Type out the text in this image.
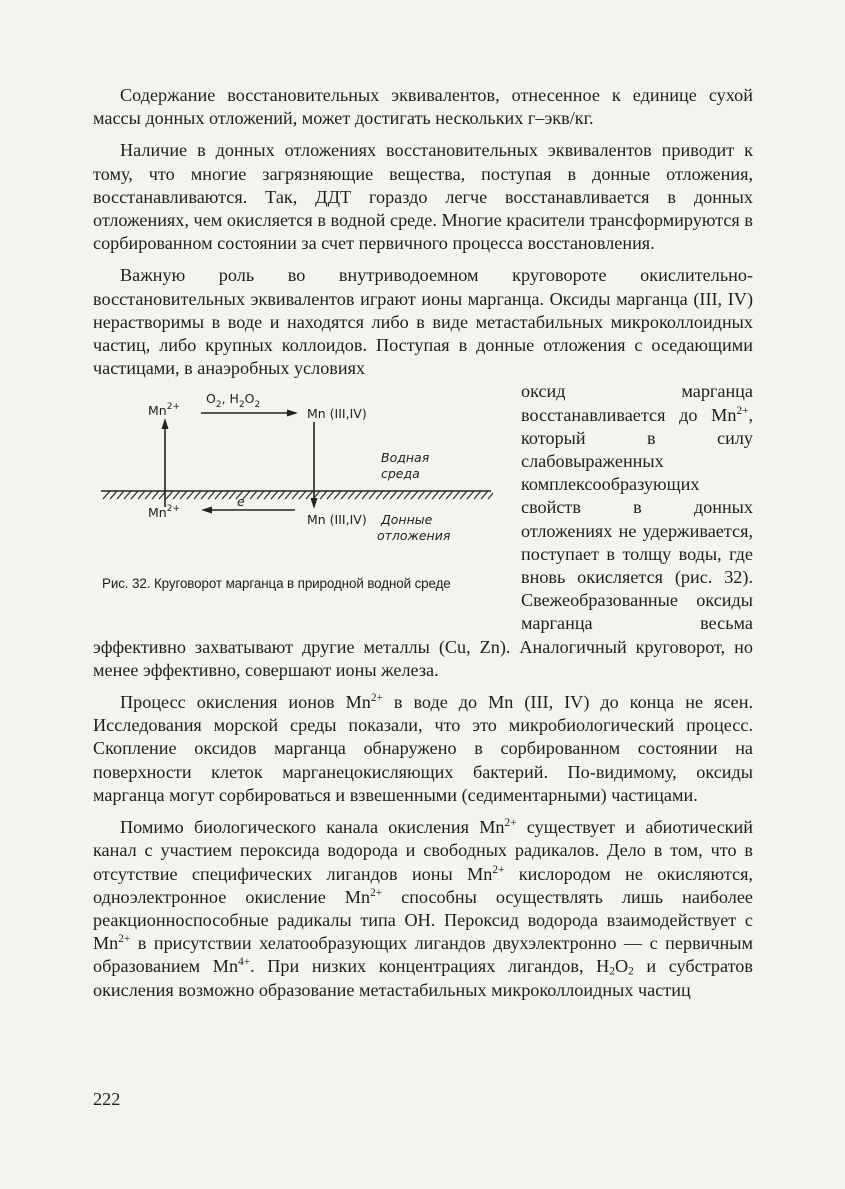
Содержание восстановительных эквивалентов, отнесенное к единице сухой массы донных отложений, может достигать нескольких г–экв/кг.

Наличие в донных отложениях восстановительных эквивалентов приводит к тому, что многие загрязняющие вещества, поступая в донные отложения, восстанавливаются. Так, ДДТ гораздо легче восстанавливается в донных отложениях, чем окисляется в водной среде. Многие красители трансформируются в сорбированном состоянии за счет первичного процесса восстановления.

Важную роль во внутриводоемном круговороте окислительно-восстановительных эквивалентов играют ионы марганца. Оксиды марганца (III, IV) нерастворимы в воде и находятся либо в виде метастабильных микроколлоидных частиц, либо крупных коллоидов. Поступая в донные отложения с оседающими частицами, в анаэробных условиях

$Mn^{2+}$
$O_2$, $H_2O_2$
Mn (III,IV)
Водная
среда
e
$Mn^{2+}$
Mn (III,IV) Донные
отложения
Рис. 32. Круговорот марганца в природной водной среде

оксид марганца восстанавливается до $Mn^{2+}$, который в силу слабовыраженных комплексообразующих свойств в донных отложениях не удерживается, поступает в толщу воды, где вновь окисляется (рис. 32). Свежеобразованные оксиды марганца весьма

эффективно захватывают другие металлы (Cu, Zn). Аналогичный круговорот, но менее эффективно, совершают ионы железа.

Процесс окисления ионов $Mn^{2+}$ в воде до Mn (III, IV) до конца не ясен. Исследования морской среды показали, что это микробиологический процесс. Скопление оксидов марганца обнаружено в сорбированном состоянии на поверхности клеток марганецокисляющих бактерий. По-видимому, оксиды марганца могут сорбироваться и взвешенными (седиментарными) частицами.

Помимо биологического канала окисления $Mn^{2+}$ существует и абиотический канал с участием пероксида водорода и свободных радикалов. Дело в том, что в отсутствие специфических лигандов ионы $Mn^{2+}$ кислородом не окисляются, одноэлектронное окисление $Mn^{2+}$ способны осуществлять лишь наиболее реакционноспособные радикалы типа ОН. Пероксид водорода взаимодействует с $Mn^{2+}$ в присутствии хелатообразующих лигандов двухэлектронно — с первичным образованием $Mn^{4+}$. При низких концентрациях лигандов, $H_2O_2$ и субстратов окисления возможно образование метастабильных микроколлоидных частиц

222
